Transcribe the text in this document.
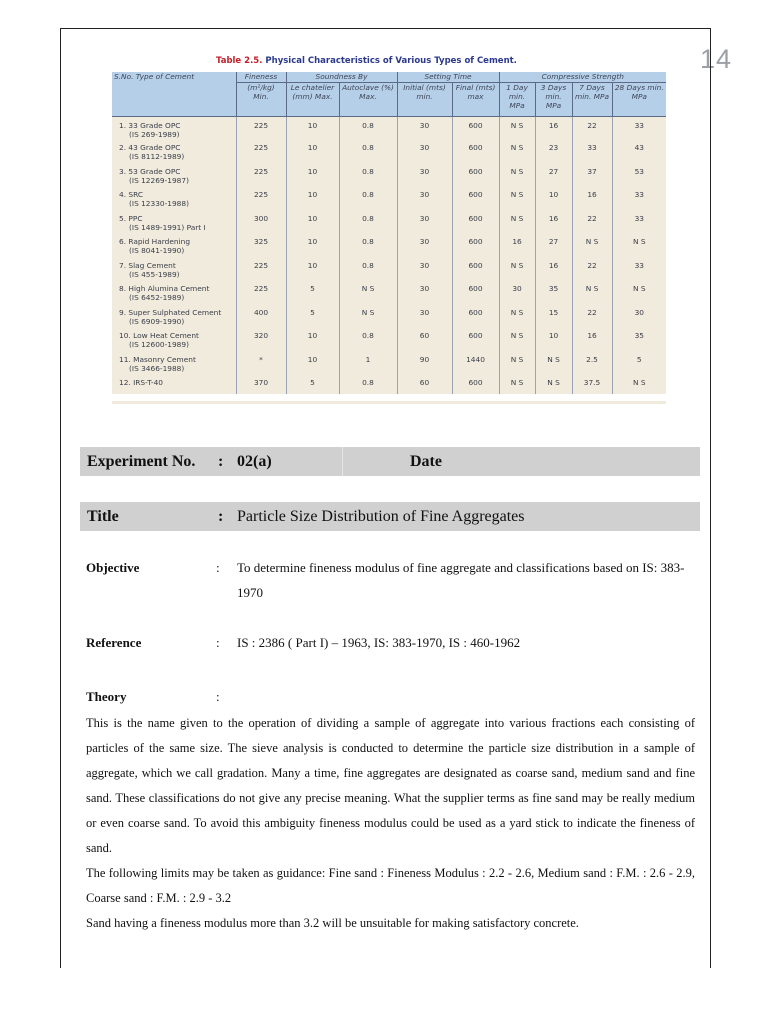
14
Table 2.5. Physical Characteristics of Various Types of Cement.
S.No. Type of Cement	Fineness	Soundness By		Setting Time		Compressive Strength			
	(m²/kg) Min.	Le chatelier (mm) Max.	Autoclave (%) Max.	Initial (mts) min.	Final (mts) max	1 Day min. MPa	3 Days min. MPa	7 Days min. MPa	28 Days min. MPa
1. 33 Grade OPC
(IS 269-1989)	225	10	0.8	30	600	N S	16	22	33
2. 43 Grade OPC
(IS 8112-1989)	225	10	0.8	30	600	N S	23	33	43
3. 53 Grade OPC
(IS 12269-1987)	225	10	0.8	30	600	N S	27	37	53
4. SRC
(IS 12330-1988)	225	10	0.8	30	600	N S	10	16	33
5. PPC
(IS 1489-1991) Part I	300	10	0.8	30	600	N S	16	22	33
6. Rapid Hardening
(IS 8041-1990)	325	10	0.8	30	600	16	27	N S	N S
7. Slag Cement
(IS 455-1989)	225	10	0.8	30	600	N S	16	22	33
8. High Alumina Cement
(IS 6452-1989)	225	5	N S	30	600	30	35	N S	N S
9. Super Sulphated Cement
(IS 6909-1990)	400	5	N S	30	600	N S	15	22	30
10. Low Heat Cement
(IS 12600-1989)	320	10	0.8	60	600	N S	10	16	35
11. Masonry Cement
(IS 3466-1988)	*	10	1	90	1440	N S	N S	2.5	5
12. IRS-T-40	370	5	0.8	60	600	N S	N S	37.5	N S
Experiment No. : 02(a)	Date
Title	: Particle Size Distribution of Fine Aggregates
Objective	: To determine fineness modulus of fine aggregate and classifications based on IS: 383-1970
Reference	: IS : 2386 ( Part I) – 1963, IS: 383-1970, IS : 460-1962
Theory	:

This is the name given to the operation of dividing a sample of aggregate into various fractions each consisting of particles of the same size. The sieve analysis is conducted to determine the particle size distribution in a sample of aggregate, which we call gradation. Many a time, fine aggregates are designated as coarse sand, medium sand and fine sand. These classifications do not give any precise meaning. What the supplier terms as fine sand may be really medium or even coarse sand. To avoid this ambiguity fineness modulus could be used as a yard stick to indicate the fineness of sand.

The following limits may be taken as guidance: Fine sand : Fineness Modulus : 2.2 - 2.6, Medium sand : F.M. : 2.6 - 2.9, Coarse sand : F.M. : 2.9 - 3.2

Sand having a fineness modulus more than 3.2 will be unsuitable for making satisfactory concrete.
